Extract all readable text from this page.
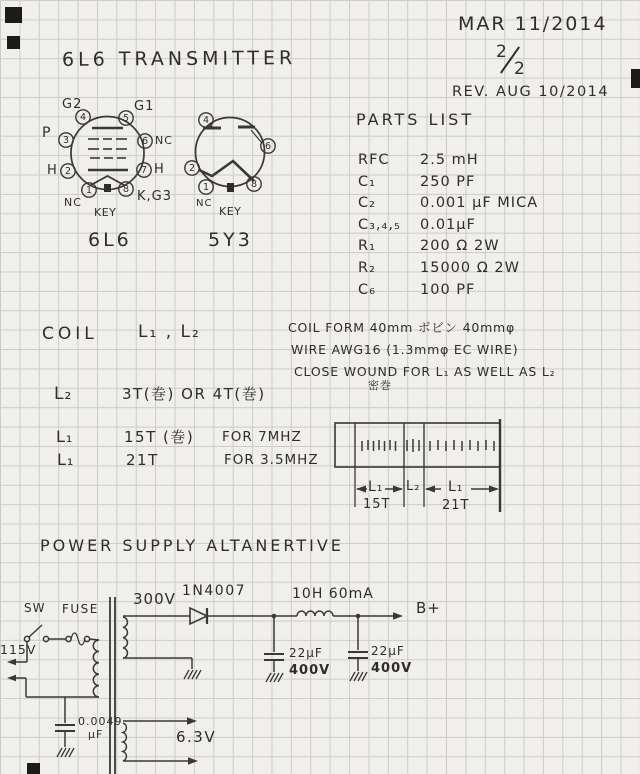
1
2
3
4	5
6
7
8	1
2
4
6
8
MAR 11/2014
2
2
REV. AUG 10/2014
6L6 TRANSMITTER
G2	G1
P	NC
H	H
NC	K,G3
KEY
6L6
NC
KEY
5Y3
PARTS LIST
RFC	2.5 mH
C₁	250 PF
C₂	0.001 µF MICA
C₃,₄,₅	0.01µF
R₁	200 Ω 2W
R₂	15000 Ω 2W
C₆	100 PF
COIL L₁ , L₂	COIL FORM 40mm ボビン 40mmφ
WIRE AWG16 (1.3mmφ EC WIRE)
CLOSE WOUND FOR L₁ AS WELL AS L₂
密巻
L₂	3T(巻) OR 4T(巻)
L₁	15T (巻) FOR 7MHZ
L₁	21T	FOR 3.5MHZ
L₁
15T
L₂ L₁
21T
POWER SUPPLY ALTANERTIVE
SW FUSE
115V
0.0049
µF
300V 1N4007	10H 60mA
22µF
400V
22µF
400V
B+
6.3V
